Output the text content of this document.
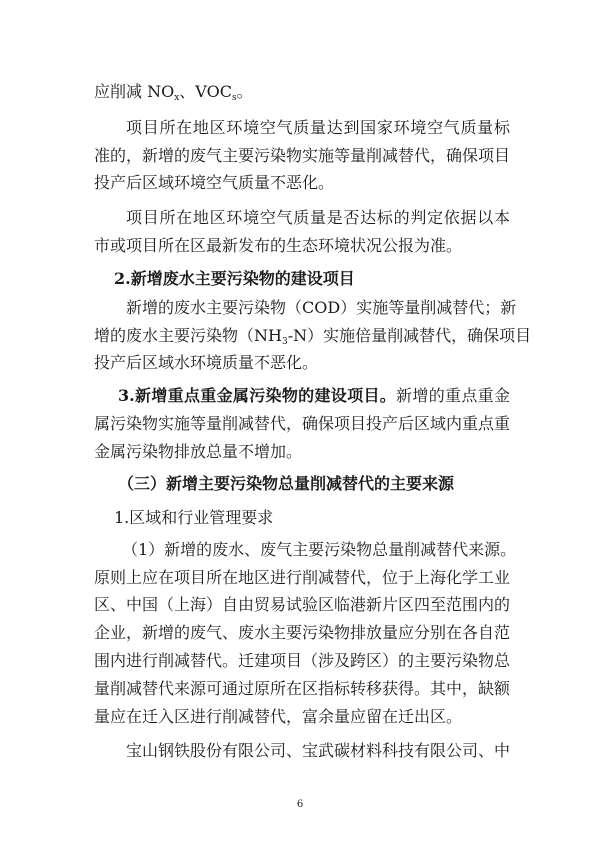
应削减 $NO_x$、$VOC_s$。
项目所在地区环境空气质量达到国家环境空气质量标
准的，新增的废气主要污染物实施等量削减替代，确保项目
投产后区域环境空气质量不恶化。
项目所在地区环境空气质量是否达标的判定依据以本
市或项目所在区最新发布的生态环境状况公报为准。
2.新增废水主要污染物的建设项目
新增的废水主要污染物（COD）实施等量削减替代；新
增的废水主要污染物$(NH_3-N)$实施倍量削减替代，确保项目
投产后区域水环境质量不恶化。
3.新增重点重金属污染物的建设项目。新增的重点重金
属污染物实施等量削减替代，确保项目投产后区域内重点重
金属污染物排放总量不增加。
（三）新增主要污染物总量削减替代的主要来源
1.区域和行业管理要求
（1）新增的废水、废气主要污染物总量削减替代来源。
原则上应在项目所在地区进行削减替代，位于上海化学工业
区、中国（上海）自由贸易试验区临港新片区四至范围内的
企业，新增的废气、废水主要污染物排放量应分别在各自范
围内进行削减替代。迁建项目（涉及跨区）的主要污染物总
量削减替代来源可通过原所在区指标转移获得。其中，缺额
量应在迁入区进行削减替代，富余量应留在迁出区。
宝山钢铁股份有限公司、宝武碳材料科技有限公司、中
6
